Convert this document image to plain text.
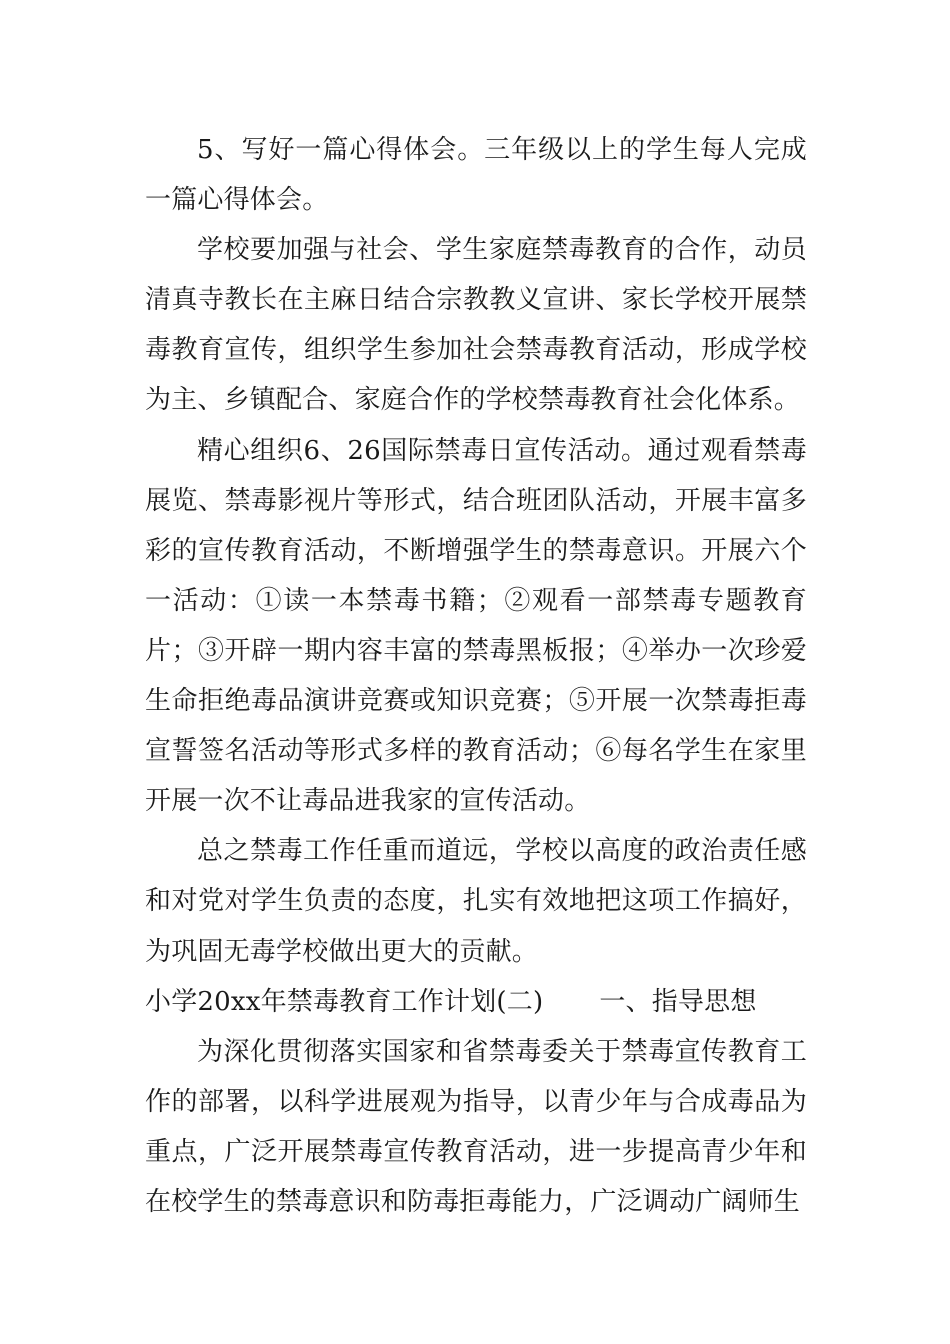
5、写好一篇心得体会。三年级以上的学生每人完成一篇心得体会。

学校要加强与社会、学生家庭禁毒教育的合作，动员清真寺教长在主麻日结合宗教教义宣讲、家长学校开展禁毒教育宣传，组织学生参加社会禁毒教育活动，形成学校为主、乡镇配合、家庭合作的学校禁毒教育社会化体系。

精心组织6、26国际禁毒日宣传活动。通过观看禁毒展览、禁毒影视片等形式，结合班团队活动，开展丰富多彩的宣传教育活动，不断增强学生的禁毒意识。开展六个一活动：①读一本禁毒书籍；②观看一部禁毒专题教育片；③开辟一期内容丰富的禁毒黑板报；④举办一次珍爱生命拒绝毒品演讲竞赛或知识竞赛；⑤开展一次禁毒拒毒宣誓签名活动等形式多样的教育活动；⑥每名学生在家里开展一次不让毒品进我家的宣传活动。

总之禁毒工作任重而道远，学校以高度的政治责任感和对党对学生负责的态度，扎实有效地把这项工作搞好，为巩固无毒学校做出更大的贡献。

小学20xx年禁毒教育工作计划(二) 一、指导思想

为深化贯彻落实国家和省禁毒委关于禁毒宣传教育工作的部署，以科学进展观为指导，以青少年与合成毒品为重点，广泛开展禁毒宣传教育活动，进一步提高青少年和在校学生的禁毒意识和防毒拒毒能力，广泛调动广阔师生
